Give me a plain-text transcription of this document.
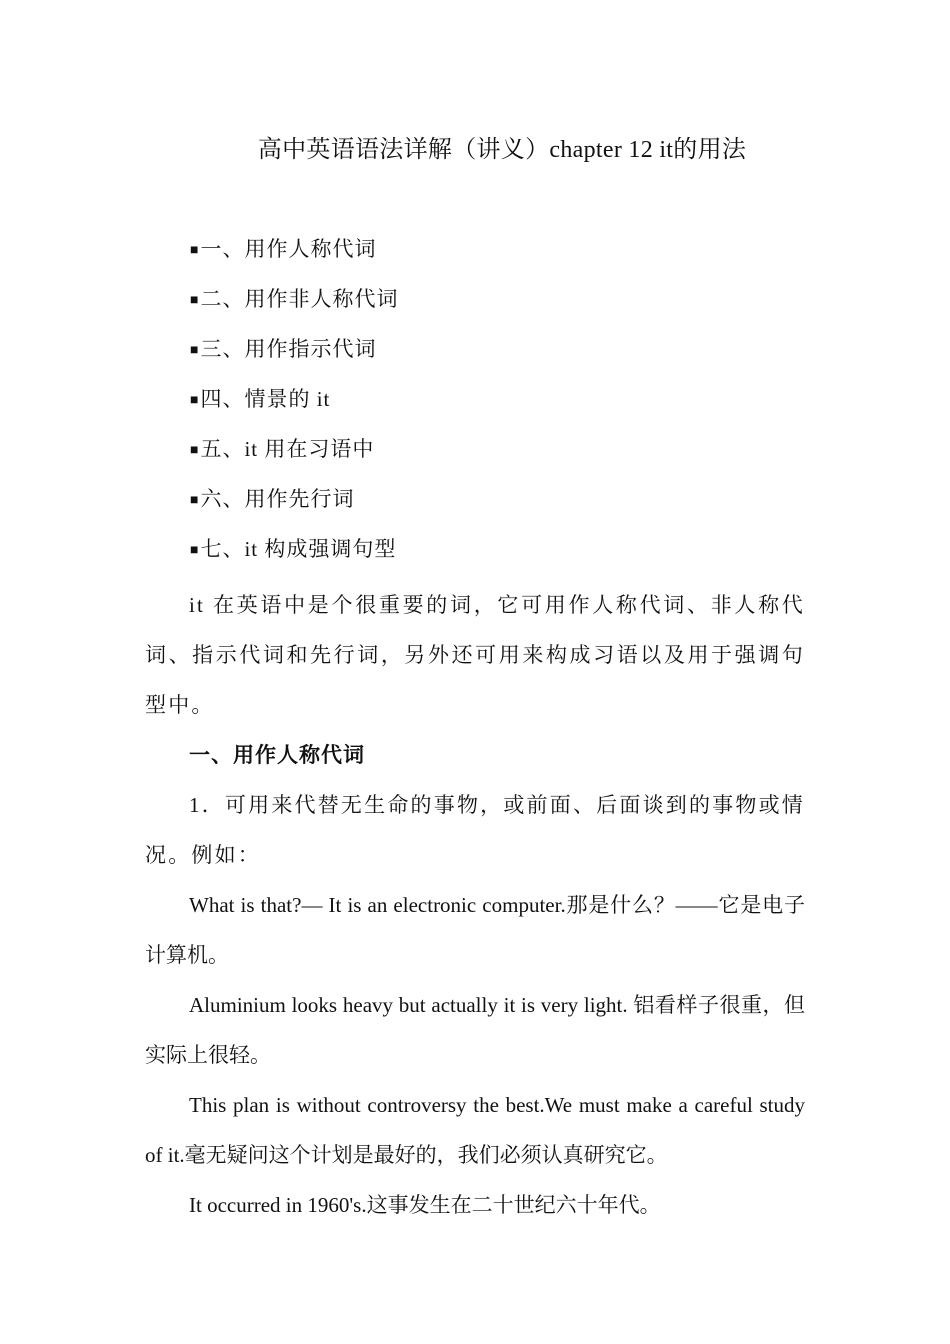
高中英语语法详解（讲义）chapter 12 it的用法
■一、用作人称代词
■二、用作非人称代词
■三、用作指示代词
■四、情景的 it
■五、it 用在习语中
■六、用作先行词
■七、it 构成强调句型

it 在英语中是个很重要的词，它可用作人称代词、非人称代词、指示代词和先行词，另外还可用来构成习语以及用于强调句型中。

一、用作人称代词

1．可用来代替无生命的事物，或前面、后面谈到的事物或情况。例如：

What is that?— It is an electronic computer.那是什么？——它是电子计算机。

Aluminium looks heavy but actually it is very light. 铝看样子很重，但实际上很轻。

This plan is without controversy the best.We must make a careful study of it.毫无疑问这个计划是最好的，我们必须认真研究它。

It occurred in 1960's.这事发生在二十世纪六十年代。
